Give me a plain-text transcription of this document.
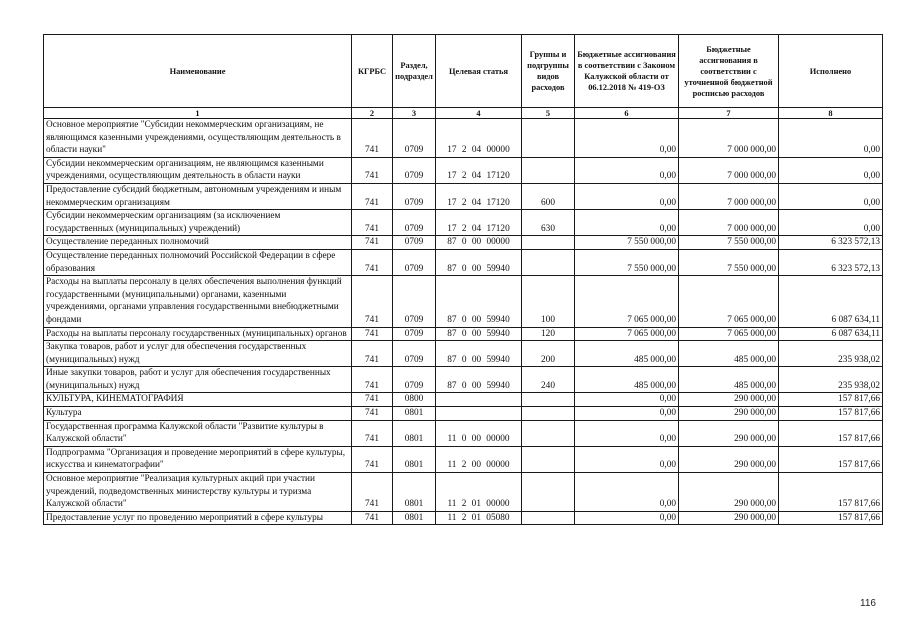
Наименование	КГРБС	Раздел, подраздел	Целевая статья	Группы и подгруппы видов расходов	Бюджетные ассигнования в соответствии с Законом Калужской области от 06.12.2018 № 419-ОЗ	Бюджетные ассигнования в соответствии с уточненной бюджетной росписью расходов	Исполнено
1	2	3	4	5	6	7	8
Основное мероприятие "Субсидии некоммерческим организациям, не являющимся казенными учреждениями, осуществляющим деятельность в области науки"	741	0709	17 2 04 00000		0,00	7 000 000,00	0,00
Субсидии некоммерческим организациям, не являющимся казенными учреждениями, осуществляющим деятельность в области науки	741	0709	17 2 04 17120		0,00	7 000 000,00	0,00
Предоставление субсидий бюджетным, автономным учреждениям и иным некоммерческим организациям	741	0709	17 2 04 17120	600	0,00	7 000 000,00	0,00
Субсидии некоммерческим организациям (за исключением государственных (муниципальных) учреждений)	741	0709	17 2 04 17120	630	0,00	7 000 000,00	0,00
Осуществление переданных полномочий	741	0709	87 0 00 00000		7 550 000,00	7 550 000,00	6 323 572,13
Осуществление переданных полномочий Российской Федерации в сфере образования	741	0709	87 0 00 59940		7 550 000,00	7 550 000,00	6 323 572,13
Расходы на выплаты персоналу в целях обеспечения выполнения функций государственными (муниципальными) органами, казенными учреждениями, органами управления государственными внебюджетными фондами	741	0709	87 0 00 59940	100	7 065 000,00	7 065 000,00	6 087 634,11
Расходы на выплаты персоналу государственных (муниципальных) органов	741	0709	87 0 00 59940	120	7 065 000,00	7 065 000,00	6 087 634,11
Закупка товаров, работ и услуг для обеспечения государственных (муниципальных) нужд	741	0709	87 0 00 59940	200	485 000,00	485 000,00	235 938,02
Иные закупки товаров, работ и услуг для обеспечения государственных (муниципальных) нужд	741	0709	87 0 00 59940	240	485 000,00	485 000,00	235 938,02
КУЛЬТУРА, КИНЕМАТОГРАФИЯ	741	0800			0,00	290 000,00	157 817,66
Культура	741	0801			0,00	290 000,00	157 817,66
Государственная программа Калужской области "Развитие культуры в Калужской области"	741	0801	11 0 00 00000		0,00	290 000,00	157 817,66
Подпрограмма "Организация и проведение мероприятий в сфере культуры, искусства и кинематографии"	741	0801	11 2 00 00000		0,00	290 000,00	157 817,66
Основное мероприятие "Реализация культурных акций при участии учреждений, подведомственных министерству культуры и туризма Калужской области"	741	0801	11 2 01 00000		0,00	290 000,00	157 817,66
Предоставление услуг по проведению мероприятий в сфере культуры	741	0801	11 2 01 05080		0,00	290 000,00	157 817,66
116
